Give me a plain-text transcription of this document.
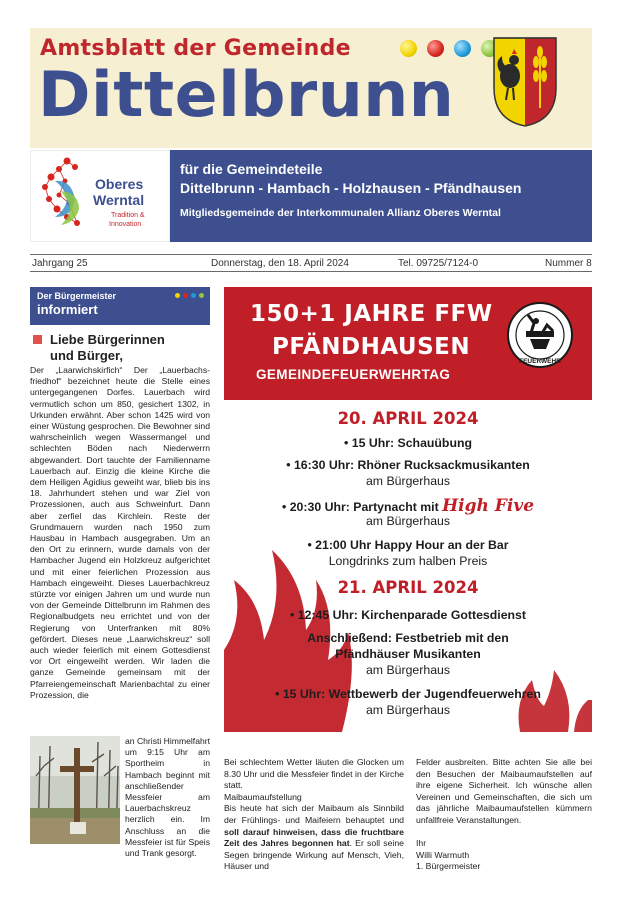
Amtsblatt der Gemeinde
Dittelbrunn
Oberes
Werntal
Tradition &
Innovation
für die Gemeindeteile
Dittelbrunn - Hambach - Holzhausen - Pfändhausen
Mitgliedsgemeinde der Interkommunalen Allianz Oberes Werntal
Jahrgang 25	Donnerstag, den 18. April 2024	Tel. 09725/7124-0	Nummer 8
Der Bürgermeister
informiert
Liebe Bürgerinnen
und Bürger,
Der „Laarwichskirfich“ Der „Lauerbachsfriedhof“ bezeichnet heute die Stelle eines untergegangenen Dorfes. Lauerbach wird vermutlich schon um 850, gesichert 1302, in Urkunden erwähnt. Aber schon 1425 wird von einer Wüstung gesprochen. Die Bewohner sind wahrscheinlich wegen Wassermangel und schlechten Böden nach Niederwerrn abgewandert. Dort tauchte der Familienname Lauerbach auf. Einzig die kleine Kirche die dem Heiligen Ägidius geweiht war, blieb bis ins 18. Jahrhundert stehen und war Ziel von Prozessionen, auch aus Schweinfurt. Dann aber zerfiel das Kirchlein. Reste der Grundmauern wurden nach 1950 zum Hausbau in Hambach ausgegraben. Um an den Ort zu erinnern, wurde damals von der Hambacher Jugend ein Holzkreuz aufgerichtet und mit einer feierlichen Prozession aus Hambach eingeweiht. Dieses Lauerbachkreuz stürzte vor einigen Jahren um und wurde nun von der Gemeinde Dittelbrunn im Rahmen des Regionalbudgets neu errichtet und von der Regierung von Unterfranken mit 80% gefördert. Dieses neue „Laarwichskreuz“ soll auch wieder feierlich mit einem Gottesdienst vor Ort eingeweiht werden. Wir laden die ganze Gemeinde gemeinsam mit der Pfarreiengemeinschaft Marienbachtal zu einer Prozession, die
an Christi Himmelfahrt um 9:15 Uhr am Sportheim in Hambach beginnt mit anschließender Messfeier am Lauerbachskreuz herzlich ein. Im Anschluss an die Messfeier ist für Speis und Trank gesorgt.
150+1 JAHRE FFW
PFÄNDHAUSEN
GEMEINDEFEUERWEHRTAG
FEUERWEHR
20. APRIL 2024
• 15 Uhr: Schauübung
• 16:30 Uhr: Rhöner Rucksackmusikanten
am Bürgerhaus
• 20:30 Uhr: Partynacht mit High Five
am Bürgerhaus
• 21:00 Uhr Happy Hour an der Bar
Longdrinks zum halben Preis
21. APRIL 2024
• 12:45 Uhr: Kirchenparade Gottesdienst
Anschließend: Festbetrieb mit den
Pfändhäuser Musikanten
am Bürgerhaus
• 15 Uhr: Wettbewerb der Jugendfeuerwehren
am Bürgerhaus

Bei schlechtem Wetter läuten die Glocken um 8.30 Uhr und die Messfeier findet in der Kirche statt.

Maibaumaufstellung

Bis heute hat sich der Maibaum als Sinnbild der Frühlings- und Maifeiern behauptet und soll darauf hinweisen, dass die fruchtbare Zeit des Jahres begonnen hat. Er soll seine Segen bringende Wirkung auf Mensch, Vieh, Häuser und

Felder ausbreiten. Bitte achten Sie alle bei den Besuchen der Maibaumaufstellen auf ihre eigene Sicherheit. Ich wünsche allen Vereinen und Gemeinschaften, die sich um das jährliche Maibaumaufstellen kümmern unfallfreie Veranstaltungen.

Ihr

Willi Warmuth

1. Bürgermeister
